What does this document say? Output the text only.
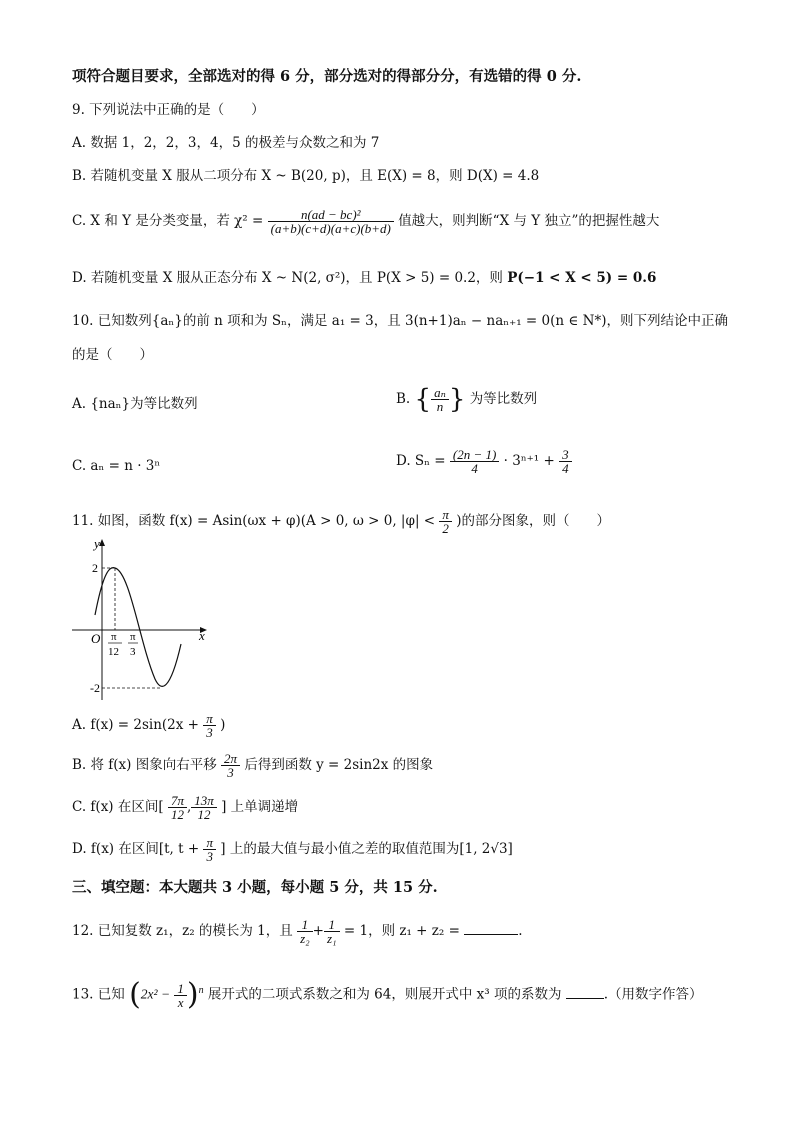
项符合题目要求，全部选对的得 6 分，部分选对的得部分分，有选错的得 0 分.
9. 下列说法中正确的是（　　）
A. 数据 1，2，2，3，4，5 的极差与众数之和为 7
B. 若随机变量 X 服从二项分布 X ~ B(20, p)，且 E(X) = 8，则 D(X) = 4.8
C. X 和 Y 是分类变量，若 $\chi^2 = \frac{\text{n(ad − bc)²}}{(a+b)(c+d)(a+c)(b+d)}$ 值越大，则判断“X 与 Y 独立”的把握性越大
D. 若随机变量 X 服从正态分布 X ~ N(2, σ²)，且 P(X > 5) = 0.2，则 P(−1 < X < 5) = 0.6
10. 已知数列{aₙ}的前 n 项和为 Sₙ，满足 a₁ = 3，且 3(n+1)aₙ − naₙ₊₁ = 0(n ∈ N*)，则下列结论中正确
的是（　　）
A. {naₙ}为等比数列	B. { $\frac{\text{aₙ}}{n}$ } 为等比数列
C. aₙ = n · 3ⁿ	D. $S_n = \frac{(2n - 1)}{4} \cdot 3^{n+1} + \frac{3}{4}$
11. 如图，函数 f(x) = Asin(ωx + φ)(A > 0, ω > 0, $|\varphi| < \frac{\pi}{2}$ )的部分图象，则（　　）
y
x
O
2
-2
π
12
π
3
A. $f(x) = 2\sin(2x + \frac{\pi}{3}$ )
B. 将 f(x) 图象向右平移 $\frac{2\pi}{3}$ 后得到函数 y = 2sin2x 的图象
C. f(x) 在区间[ $\frac{7\pi}{12}$ , $\frac{13\pi}{12}$ ] 上单调递增
D. f(x) 在区间[t, $t + \frac{\pi}{3}$ ] 上的最大值与最小值之差的取值范围为[1, 2√3]
三、填空题：本大题共 3 小题，每小题 5 分，共 15 分.
12. 已知复数 z₁，z₂ 的模长为 1，且 $\frac{1}{\text{z₂}} + \frac{1}{\text{z₁}} = 1$，则 z₁ + z₂ =	.
13. 已知 $(2x^2 - \frac{1}{x} )^n$ 展开式的二项式系数之和为 64，则展开式中 x³ 项的系数为	.（用数字作答）
